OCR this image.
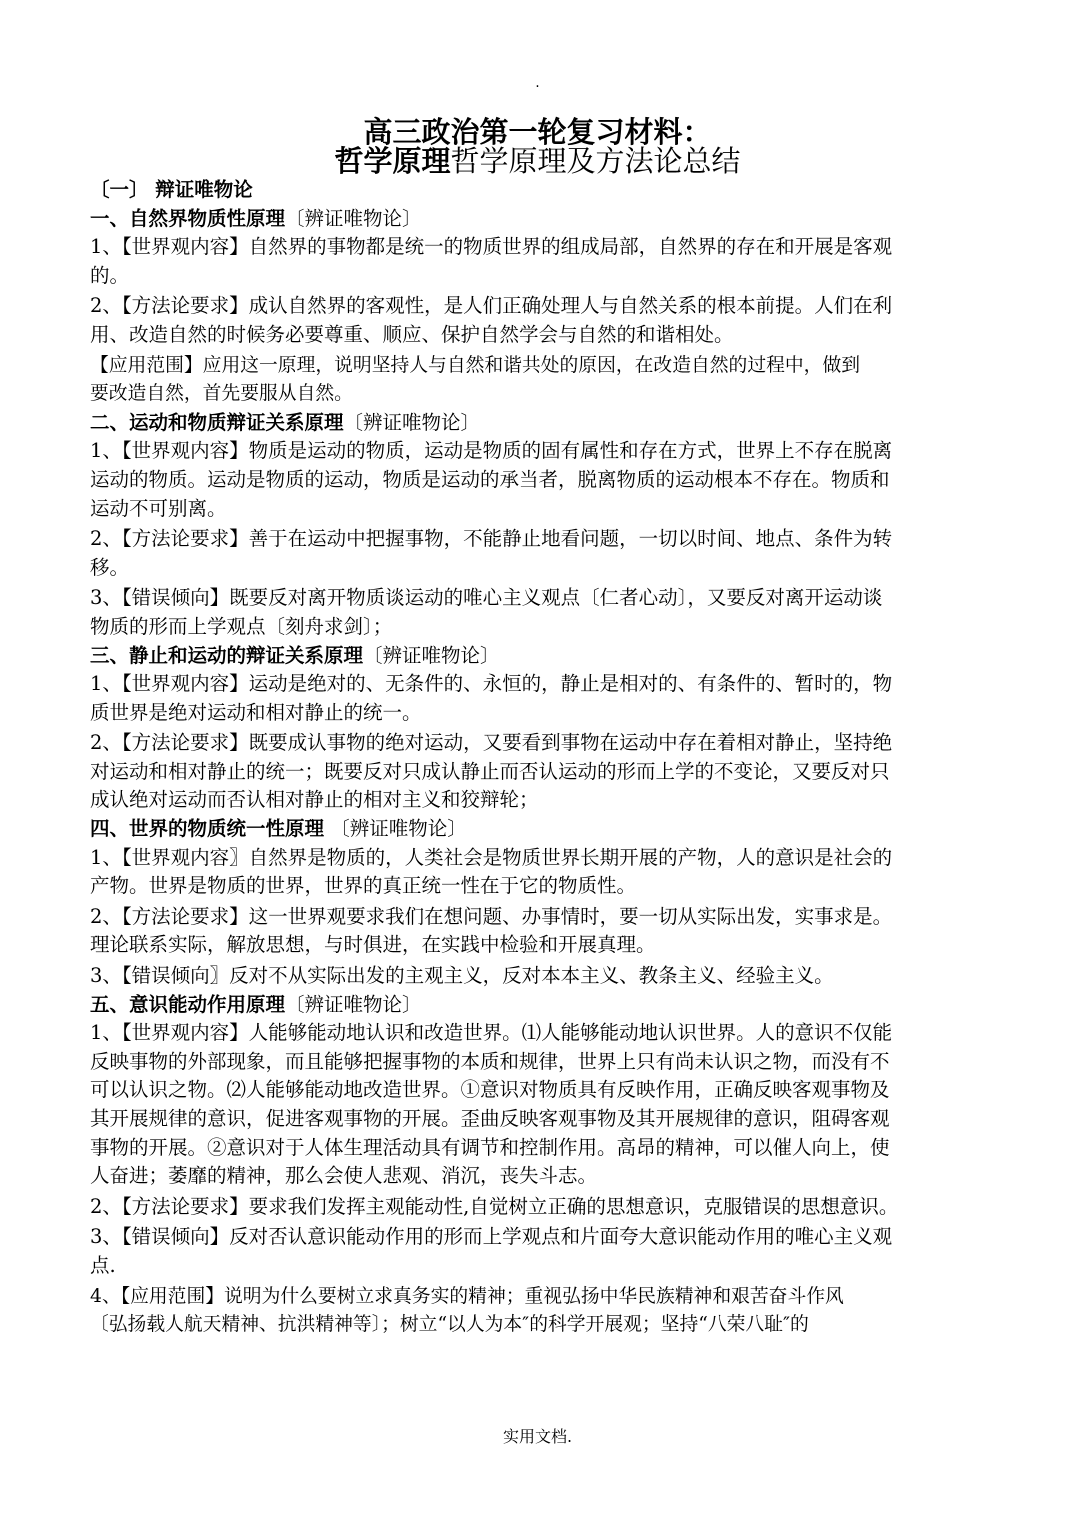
.
高三政治第一轮复习材料：
哲学原理哲学原理及方法论总结

〔一〕 辩证唯物论

一、自然界物质性原理〔辨证唯物论〕

1、【世界观内容】自然界的事物都是统一的物质世界的组成局部，自然界的存在和开展是客观

的。

2、【方法论要求】成认自然界的客观性，是人们正确处理人与自然关系的根本前提。人们在利

用、改造自然的时候务必要尊重、顺应、保护自然学会与自然的和谐相处。

【应用范围】应用这一原理，说明坚持人与自然和谐共处的原因，在改造自然的过程中，做到

要改造自然，首先要服从自然。

二、运动和物质辩证关系原理〔辨证唯物论〕

1、【世界观内容】物质是运动的物质，运动是物质的固有属性和存在方式，世界上不存在脱离

运动的物质。运动是物质的运动，物质是运动的承当者，脱离物质的运动根本不存在。物质和

运动不可别离。

2、【方法论要求】善于在运动中把握事物，不能静止地看问题，一切以时间、地点、条件为转

移。

3、【错误倾向】既要反对离开物质谈运动的唯心主义观点〔仁者心动〕，又要反对离开运动谈

物质的形而上学观点〔刻舟求剑〕；

三、静止和运动的辩证关系原理〔辨证唯物论〕

1、【世界观内容】运动是绝对的、无条件的、永恒的，静止是相对的、有条件的、暂时的，物

质世界是绝对运动和相对静止的统一。

2、【方法论要求】既要成认事物的绝对运动，又要看到事物在运动中存在着相对静止，坚持绝

对运动和相对静止的统一；既要反对只成认静止而否认运动的形而上学的不变论，又要反对只

成认绝对运动而否认相对静止的相对主义和狡辩轮；

四、世界的物质统一性原理 〔辨证唯物论〕

1、【世界观内容〗自然界是物质的，人类社会是物质世界长期开展的产物，人的意识是社会的

产物。世界是物质的世界，世界的真正统一性在于它的物质性。

2、【方法论要求】这一世界观要求我们在想问题、办事情时，要一切从实际出发，实事求是。

理论联系实际，解放思想，与时俱进，在实践中检验和开展真理。

3、【错误倾向〗反对不从实际出发的主观主义，反对本本主义、教条主义、经验主义。

五、意识能动作用原理〔辨证唯物论〕

1、【世界观内容】人能够能动地认识和改造世界。⑴人能够能动地认识世界。人的意识不仅能

反映事物的外部现象，而且能够把握事物的本质和规律，世界上只有尚未认识之物，而没有不

可以认识之物。⑵人能够能动地改造世界。①意识对物质具有反映作用，正确反映客观事物及

其开展规律的意识，促进客观事物的开展。歪曲反映客观事物及其开展规律的意识，阻碍客观

事物的开展。②意识对于人体生理活动具有调节和控制作用。高昂的精神，可以催人向上，使

人奋进；萎靡的精神，那么会使人悲观、消沉，丧失斗志。

2、【方法论要求】要求我们发挥主观能动性,自觉树立正确的思想意识，克服错误的思想意识。

3、【错误倾向】反对否认意识能动作用的形而上学观点和片面夸大意识能动作用的唯心主义观

点.

4、【应用范围】说明为什么要树立求真务实的精神；重视弘扬中华民族精神和艰苦奋斗作风

〔弘扬载人航天精神、抗洪精神等〕；树立“以人为本″的科学开展观；坚持“八荣八耻″的

实用文档.
